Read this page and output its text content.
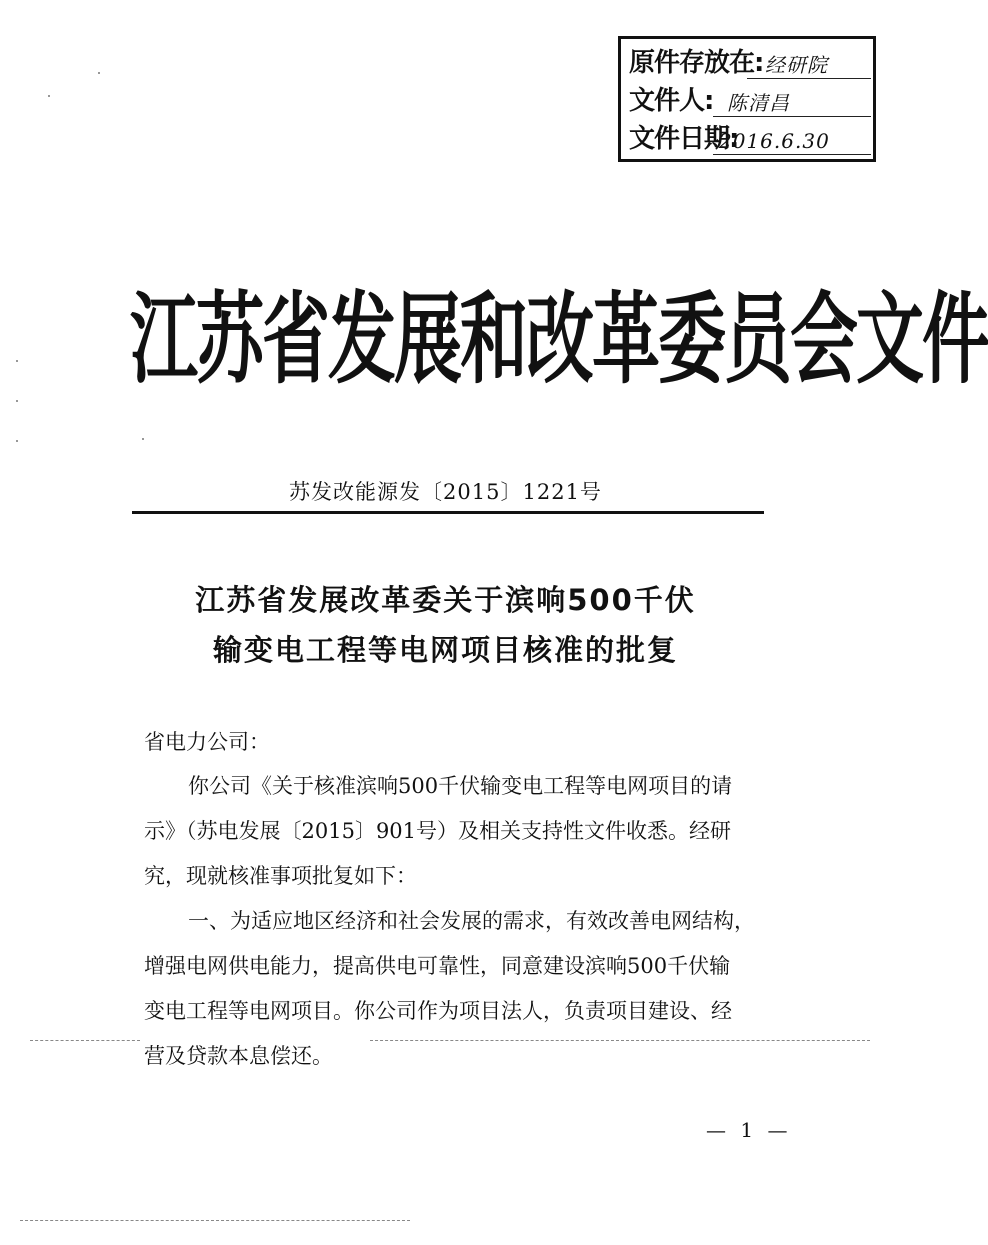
原件存放在: 经研院
文件人: 陈清昌
文件日期:
2016.6.30
江苏省发展和改革委员会文件
苏发改能源发〔2015〕1221号
江苏省发展改革委关于滨响500千伏
输变电工程等电网项目核准的批复
省电力公司：
你公司《关于核准滨响500千伏输变电工程等电网项目的请
示》（苏电发展〔2015〕901号）及相关支持性文件收悉。经研
究，现就核准事项批复如下：
一、为适应地区经济和社会发展的需求，有效改善电网结构，
增强电网供电能力，提高供电可靠性，同意建设滨响500千伏输
变电工程等电网项目。你公司作为项目法人，负责项目建设、经
营及贷款本息偿还。
— 1 —
